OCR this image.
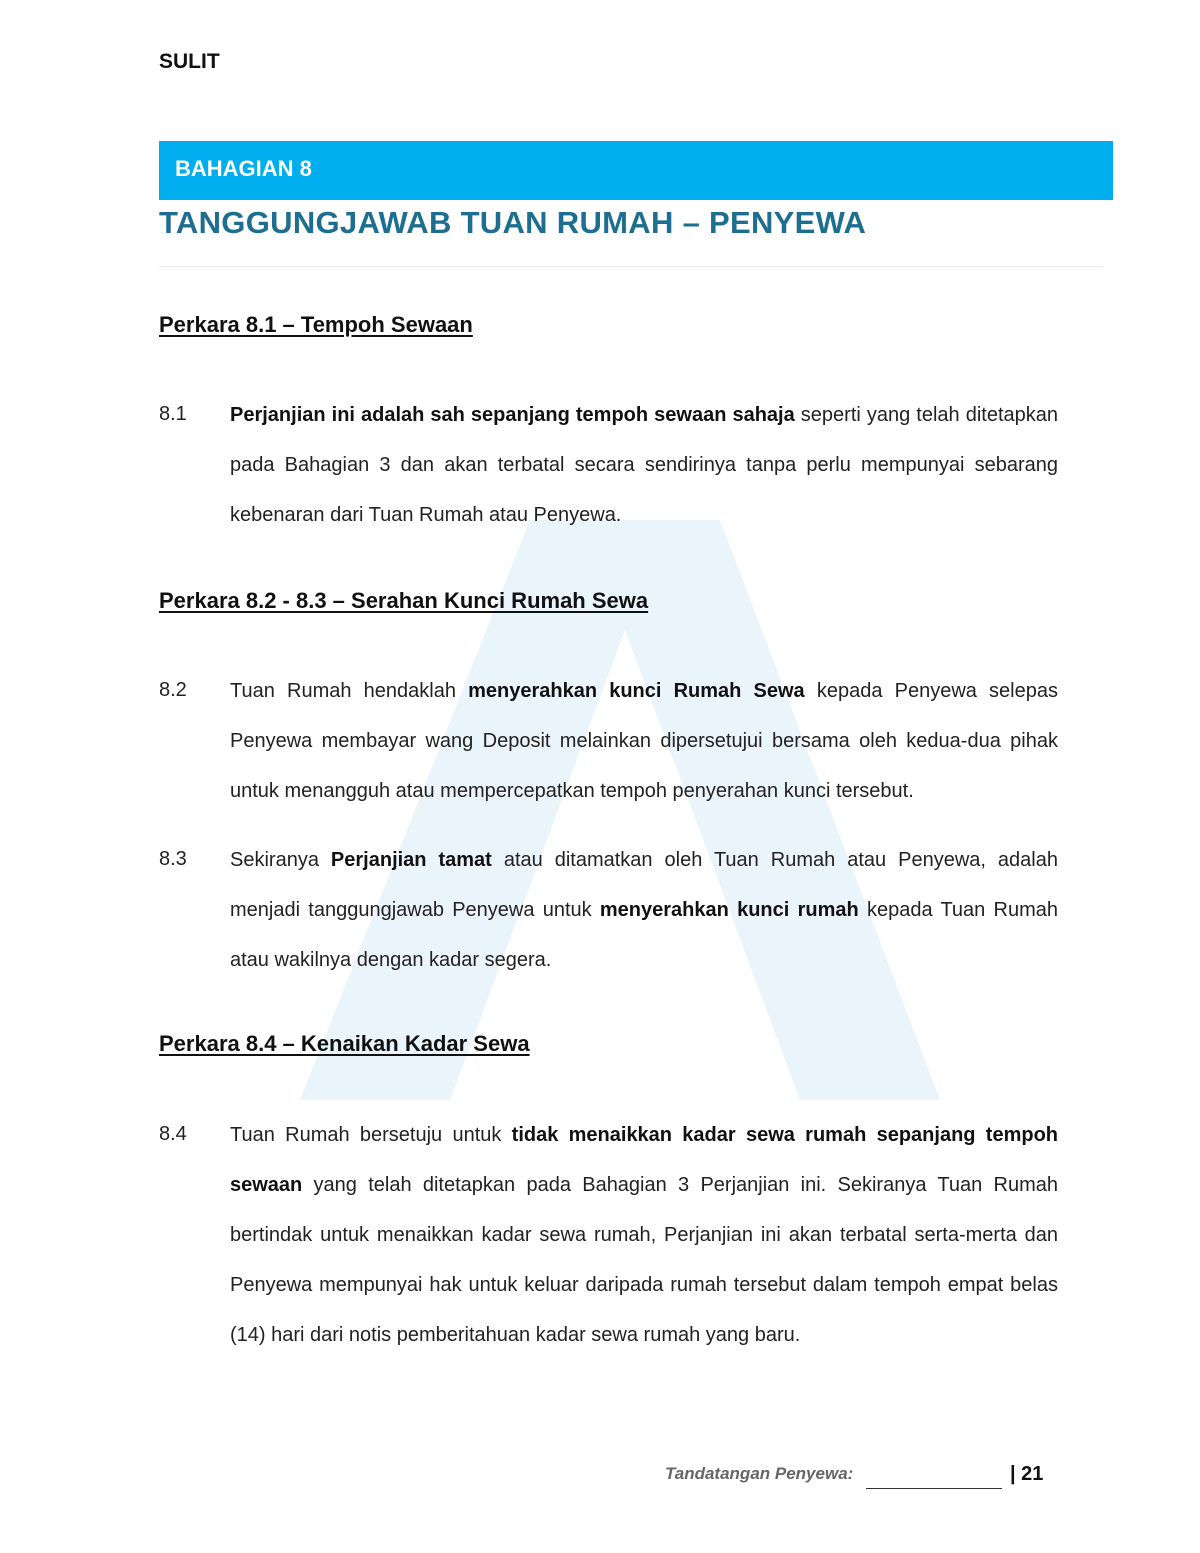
SULIT
BAHAGIAN 8
TANGGUNGJAWAB TUAN RUMAH – PENYEWA
Perkara 8.1 – Tempoh Sewaan
8.1 Perjanjian ini adalah sah sepanjang tempoh sewaan sahaja seperti yang telah ditetapkan pada Bahagian 3 dan akan terbatal secara sendirinya tanpa perlu mempunyai sebarang kebenaran dari Tuan Rumah atau Penyewa.
Perkara 8.2 - 8.3 – Serahan Kunci Rumah Sewa
8.2 Tuan Rumah hendaklah menyerahkan kunci Rumah Sewa kepada Penyewa selepas Penyewa membayar wang Deposit melainkan dipersetujui bersama oleh kedua-dua pihak untuk menangguh atau mempercepatkan tempoh penyerahan kunci tersebut.
8.3 Sekiranya Perjanjian tamat atau ditamatkan oleh Tuan Rumah atau Penyewa, adalah menjadi tanggungjawab Penyewa untuk menyerahkan kunci rumah kepada Tuan Rumah atau wakilnya dengan kadar segera.
Perkara 8.4 – Kenaikan Kadar Sewa
8.4 Tuan Rumah bersetuju untuk tidak menaikkan kadar sewa rumah sepanjang tempoh sewaan yang telah ditetapkan pada Bahagian 3 Perjanjian ini. Sekiranya Tuan Rumah bertindak untuk menaikkan kadar sewa rumah, Perjanjian ini akan terbatal serta-merta dan Penyewa mempunyai hak untuk keluar daripada rumah tersebut dalam tempoh empat belas (14) hari dari notis pemberitahuan kadar sewa rumah yang baru.
Tandatangan Penyewa:	| 21
